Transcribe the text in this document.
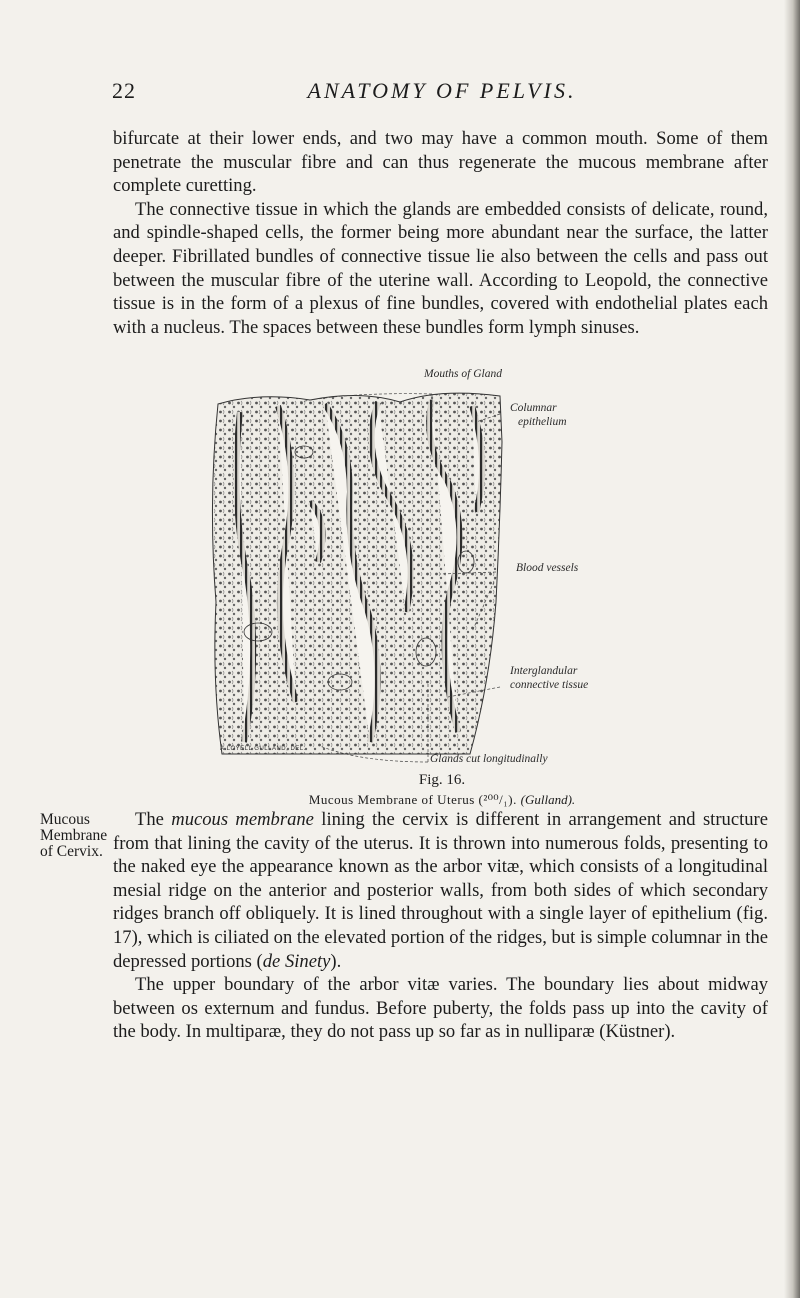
22	ANATOMY OF PELVIS.

bifurcate at their lower ends, and two may have a common mouth. Some of them penetrate the muscular fibre and can thus regenerate the mucous membrane after complete curetting.

The connective tissue in which the glands are embedded consists of delicate, round, and spindle-shaped cells, the former being more abundant near the surface, the latter deeper. Fibrillated bundles of connective tissue lie also between the cells and pass out between the muscular fibre of the uterine wall. According to Leopold, the connective tissue is in the form of a plexus of fine bundles, covered with endothelial plates each with a nucleus. The spaces between these bundles form lymph sinuses.

Mouths of Gland
Columnar
epithelium
Blood vessels
Interglandular
connective tissue
Glands cut longitudinally
A.LOYELL GULLAND, DEL.
Fig. 16.
Mucous Membrane of Uterus (²⁰⁰/₁). (Gulland).
Mucous Membrane of Cervix.

The mucous membrane lining the cervix is different in arrangement and structure from that lining the cavity of the uterus. It is thrown into numerous folds, presenting to the naked eye the appearance known as the arbor vitæ, which consists of a longitudinal mesial ridge on the anterior and posterior walls, from both sides of which secondary ridges branch off obliquely. It is lined throughout with a single layer of epithelium (fig. 17), which is ciliated on the elevated portion of the ridges, but is simple columnar in the depressed portions (de Sinety).

The upper boundary of the arbor vitæ varies. The boundary lies about midway between os externum and fundus. Before puberty, the folds pass up into the cavity of the body. In multiparæ, they do not pass up so far as in nulliparæ (Küstner).
